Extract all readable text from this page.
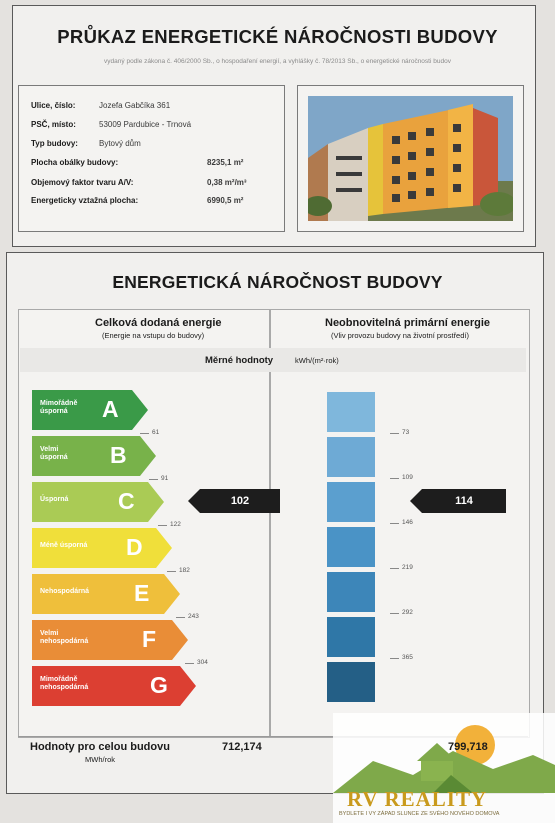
PRŮKAZ ENERGETICKÉ NÁROČNOSTI BUDOVY
vydaný podle zákona č. 406/2000 Sb., o hospodaření energií, a vyhlášky č. 78/2013 Sb., o energetické náročnosti budov
Ulice, číslo:	Jozefa Gabčíka 361
PSČ, místo:	53009 Pardubice - Trnová
Typ budovy:	Bytový dům
Plocha obálky budovy:	8235,1 m²
Objemový faktor tvaru A/V:	0,38 m²/m³
Energeticky vztažná plocha:	6990,5 m²
ENERGETICKÁ NÁROČNOST BUDOVY
Celková dodaná energie
(Energie na vstupu do budovy)
Neobnovitelná primární energie
(Vliv provozu budovy na životní prostředí)
Měrné hodnoty	kWh/(m²·rok)
Mimořádně
úsporná	A
Velmi
úsporná B
Úsporná C
Méně úsporná D
Nehospodárná E
Velmi
nehospodárná F
Mimořádně
nehospodárná	G
61
91
122
182
243
304
102
73
109
146
219
292
365
114
Hodnoty pro celou budovu
MWh/rok
712,174
RV REALITY
BYDLETE I VY ZÁPAD SLUNCE ZE SVÉHO NOVÉHO DOMOVA
799,718
